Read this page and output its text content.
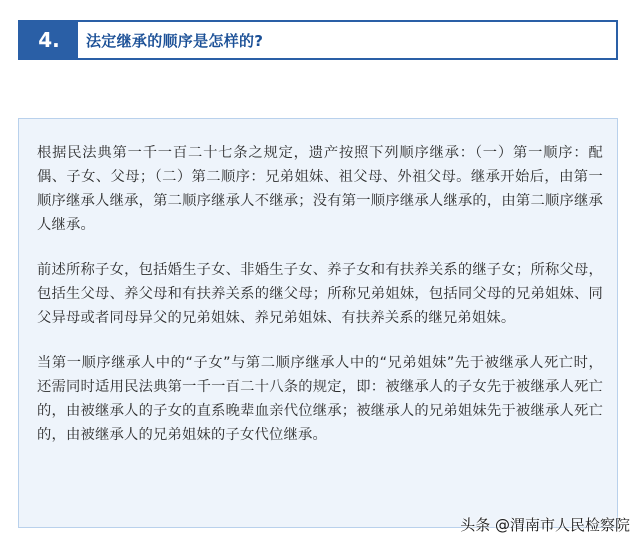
4.	法定继承的顺序是怎样的?

根据民法典第一千一百二十七条之规定，遗产按照下列顺序继承：（一）第一顺序：配偶、子女、父母；（二）第二顺序：兄弟姐妹、祖父母、外祖父母。继承开始后，由第一顺序继承人继承，第二顺序继承人不继承；没有第一顺序继承人继承的，由第二顺序继承人继承。

前述所称子女，包括婚生子女、非婚生子女、养子女和有扶养关系的继子女；所称父母，包括生父母、养父母和有扶养关系的继父母；所称兄弟姐妹，包括同父母的兄弟姐妹、同父异母或者同母异父的兄弟姐妹、养兄弟姐妹、有扶养关系的继兄弟姐妹。

当第一顺序继承人中的“子女”与第二顺序继承人中的“兄弟姐妹”先于被继承人死亡时，还需同时适用民法典第一千一百二十八条的规定，即：被继承人的子女先于被继承人死亡的，由被继承人的子女的直系晚辈血亲代位继承；被继承人的兄弟姐妹先于被继承人死亡的，由被继承人的兄弟姐妹的子女代位继承。

头条 @渭南市人民检察院
